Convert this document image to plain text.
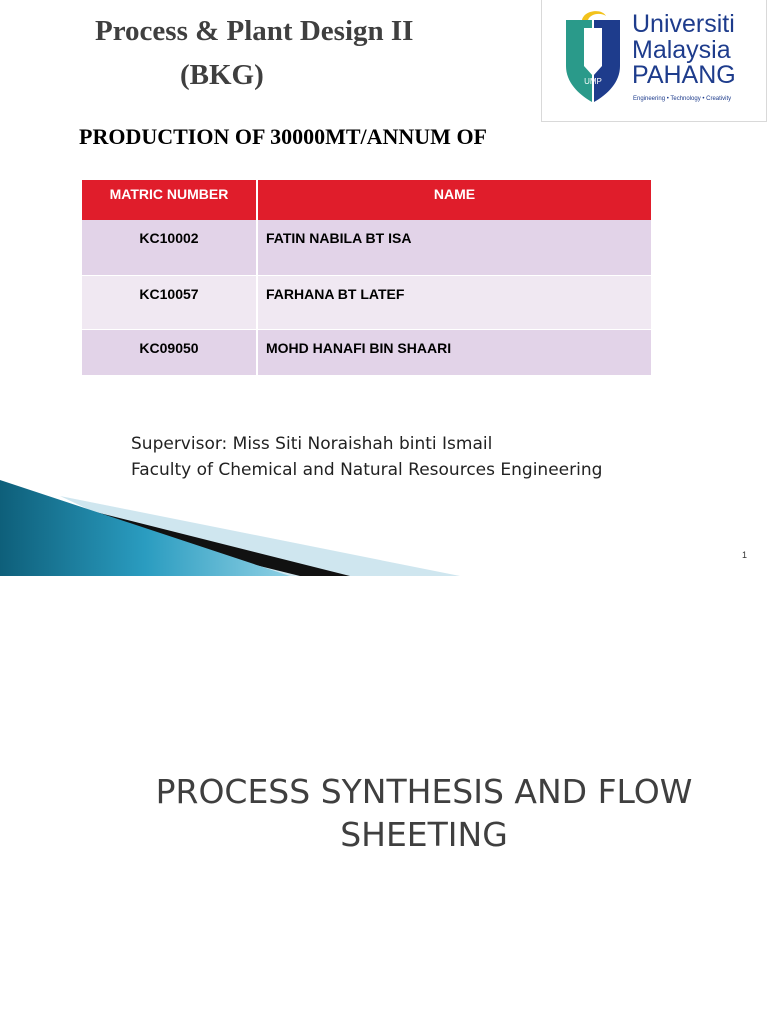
Process & Plant Design II
(BKG)	UMP
Universiti
Malaysia
PAHANG
Engineering • Technology • Creativity
PRODUCTION OF 30000MT/ANNUM OF
MATRIC NUMBER	NAME
KC10002	FATIN NABILA BT ISA
KC10057	FARHANA BT LATEF
KC09050	MOHD HANAFI BIN SHAARI
Supervisor: Miss Siti Noraishah binti Ismail
Faculty of Chemical and Natural Resources Engineering
1
PROCESS SYNTHESIS AND FLOW
SHEETING
